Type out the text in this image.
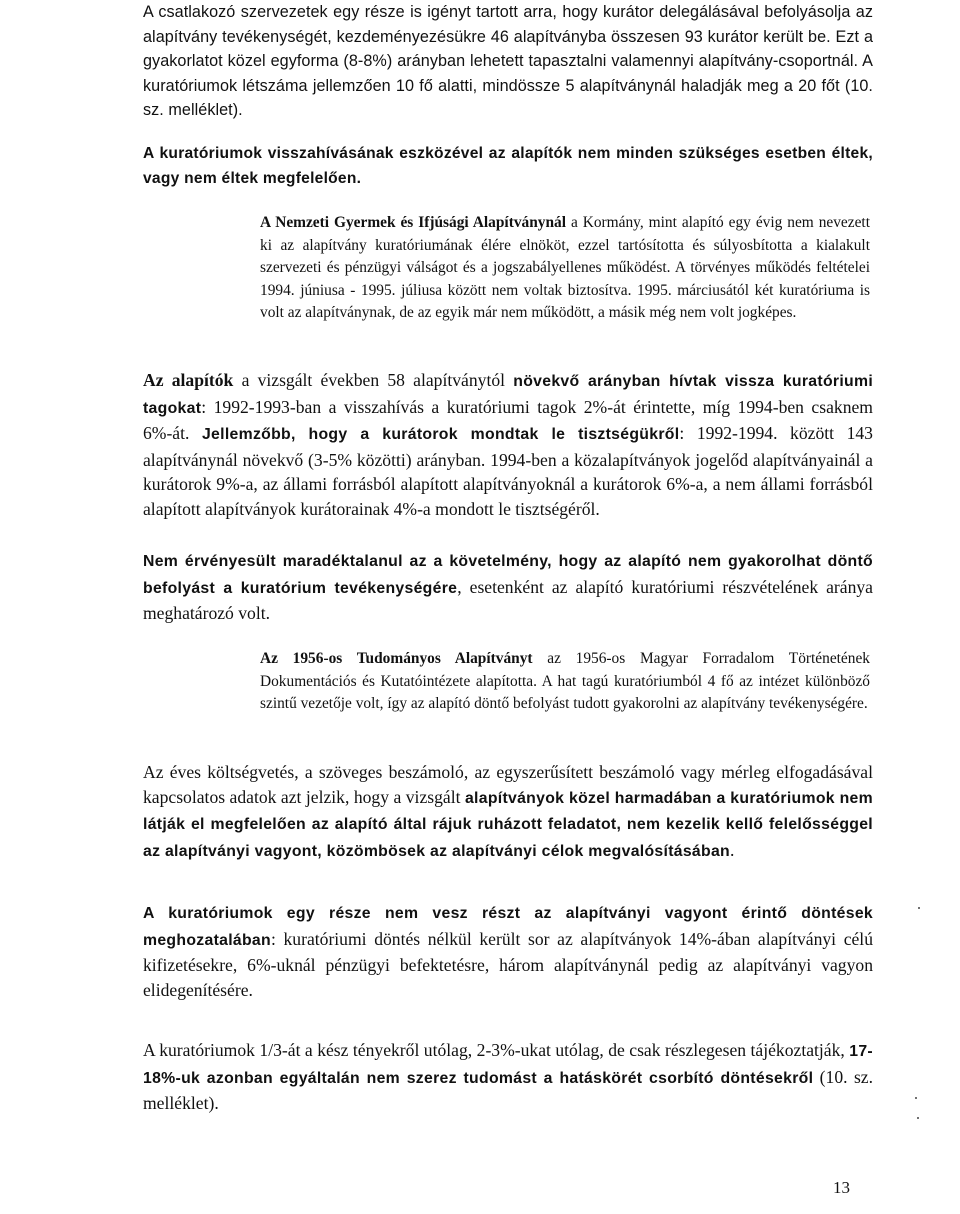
A csatlakozó szervezetek egy része is igényt tartott arra, hogy kurátor delegálásával befolyásolja az alapítvány tevékenységét, kezdeményezésükre 46 alapítványba összesen 93 kurátor került be. Ezt a gyakorlatot közel egyforma (8-8%) arányban lehetett tapasztalni valamennyi alapítvány-csoportnál. A kuratóriumok létszáma jellemzően 10 fő alatti, mindössze 5 alapítványnál haladják meg a 20 főt (10. sz. melléklet).

A kuratóriumok visszahívásának eszközével az alapítók nem minden szükséges esetben éltek, vagy nem éltek megfelelően.

A Nemzeti Gyermek és Ifjúsági Alapítványnál a Kormány, mint alapító egy évig nem nevezett ki az alapítvány kuratóriumának élére elnököt, ezzel tartósította és súlyosbította a kialakult szervezeti és pénzügyi válságot és a jogszabályellenes működést. A törvényes működés feltételei 1994. júniusa - 1995. júliusa között nem voltak biztosítva. 1995. márciusától két kuratóriuma is volt az alapítványnak, de az egyik már nem működött, a másik még nem volt jogképes.

Az alapítók a vizsgált években 58 alapítványtól növekvő arányban hívtak vissza kuratóriumi tagokat: 1992-1993-ban a visszahívás a kuratóriumi tagok 2%-át érintette, míg 1994-ben csaknem 6%-át. Jellemzőbb, hogy a kurátorok mondtak le tisztségükről: 1992-1994. között 143 alapítványnál növekvő (3-5% közötti) arányban. 1994-ben a közalapítványok jogelőd alapítványainál a kurátorok 9%-a, az állami forrásból alapított alapítványoknál a kurátorok 6%-a, a nem állami forrásból alapított alapítványok kurátorainak 4%-a mondott le tisztségéről.

Nem érvényesült maradéktalanul az a követelmény, hogy az alapító nem gyakorolhat döntő befolyást a kuratórium tevékenységére, esetenként az alapító kuratóriumi részvételének aránya meghatározó volt.

Az 1956-os Tudományos Alapítványt az 1956-os Magyar Forradalom Történetének Dokumentációs és Kutatóintézete alapította. A hat tagú kuratóriumból 4 fő az intézet különböző szintű vezetője volt, így az alapító döntő befolyást tudott gyakorolni az alapítvány tevékenységére.

Az éves költségvetés, a szöveges beszámoló, az egyszerűsített beszámoló vagy mérleg elfogadásával kapcsolatos adatok azt jelzik, hogy a vizsgált alapítványok közel harmadában a kuratóriumok nem látják el megfelelően az alapító által rájuk ruházott feladatot, nem kezelik kellő felelősséggel az alapítványi vagyont, közömbösek az alapítványi célok megvalósításában.

A kuratóriumok egy része nem vesz részt az alapítványi vagyont érintő döntések meghozatalában: kuratóriumi döntés nélkül került sor az alapítványok 14%-ában alapítványi célú kifizetésekre, 6%-uknál pénzügyi befektetésre, három alapítványnál pedig az alapítványi vagyon elidegenítésére.

A kuratóriumok 1/3-át a kész tényekről utólag, 2-3%-ukat utólag, de csak részlegesen tájékoztatják, 17-18%-uk azonban egyáltalán nem szerez tudomást a hatáskörét csorbító döntésekről (10. sz. melléklet).

13
